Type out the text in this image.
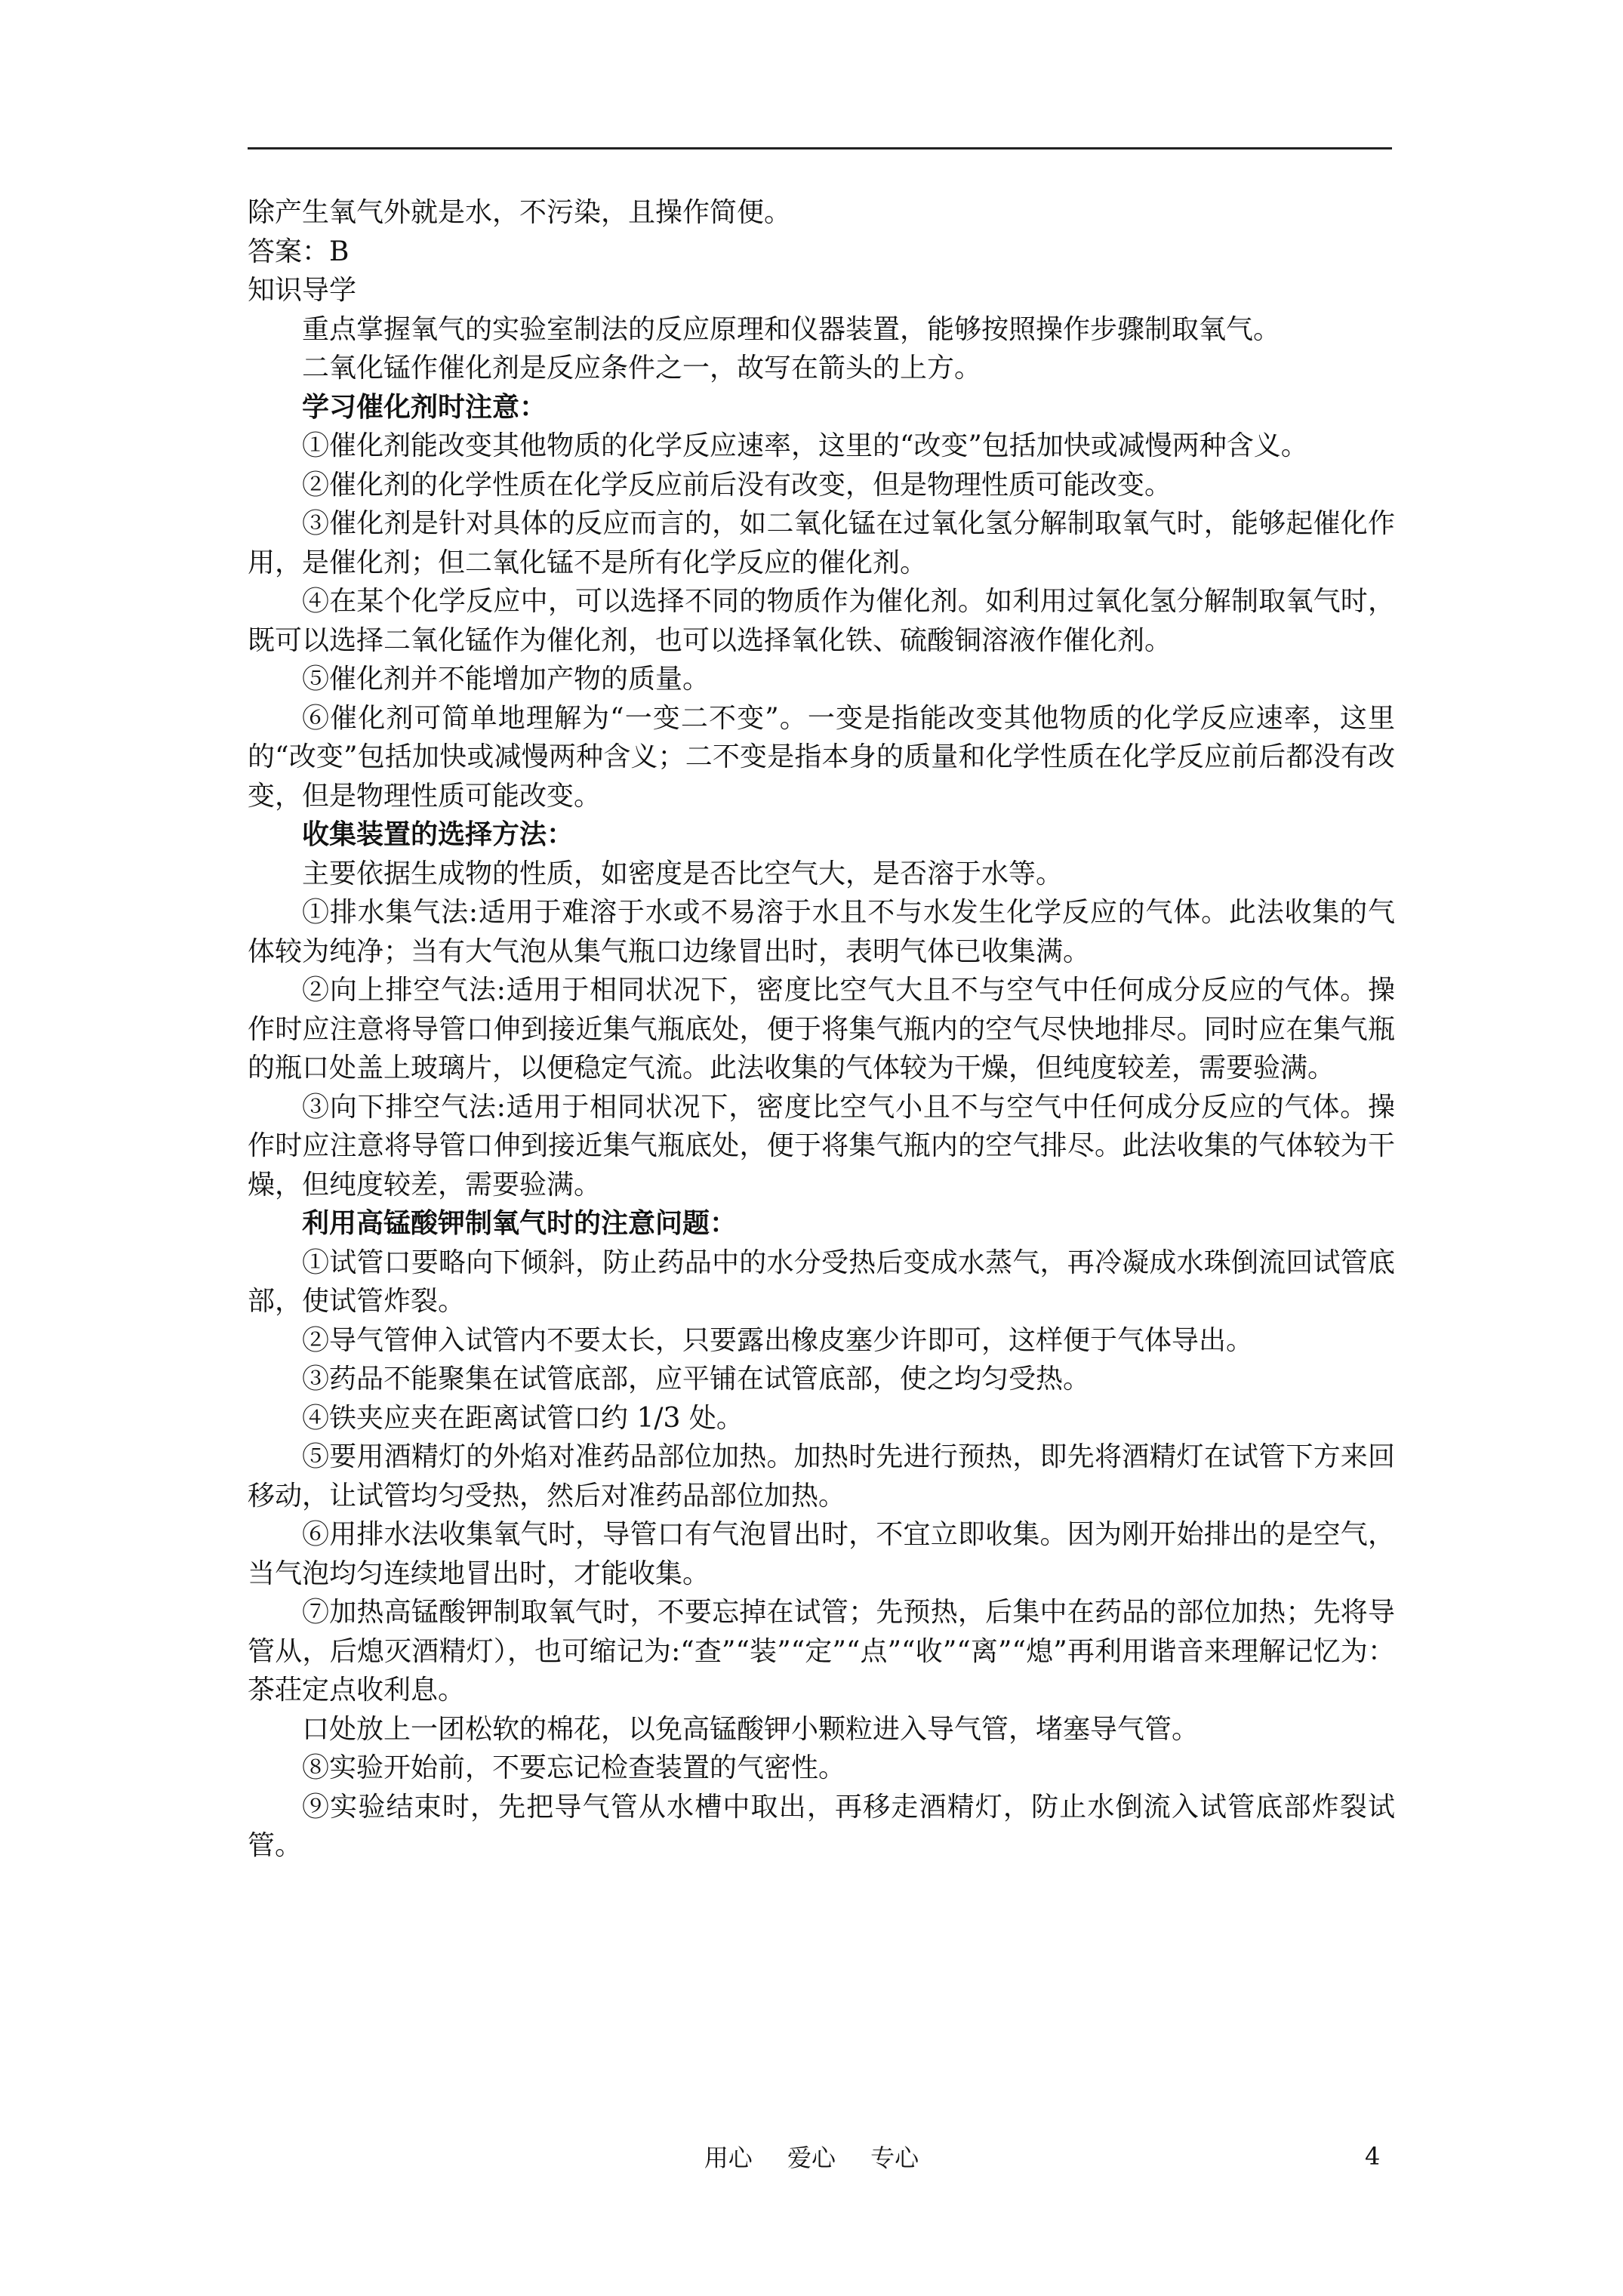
除产生氧气外就是水，不污染，且操作简便。

答案：B

知识导学

重点掌握氧气的实验室制法的反应原理和仪器装置，能够按照操作步骤制取氧气。

二氧化锰作催化剂是反应条件之一，故写在箭头的上方。

学习催化剂时注意：

①催化剂能改变其他物质的化学反应速率，这里的“改变”包括加快或减慢两种含义。

②催化剂的化学性质在化学反应前后没有改变，但是物理性质可能改变。

③催化剂是针对具体的反应而言的，如二氧化锰在过氧化氢分解制取氧气时，能够起催化作用，是催化剂；但二氧化锰不是所有化学反应的催化剂。

④在某个化学反应中，可以选择不同的物质作为催化剂。如利用过氧化氢分解制取氧气时，既可以选择二氧化锰作为催化剂，也可以选择氧化铁、硫酸铜溶液作催化剂。

⑤催化剂并不能增加产物的质量。

⑥催化剂可简单地理解为“一变二不变”。一变是指能改变其他物质的化学反应速率，这里的“改变”包括加快或减慢两种含义；二不变是指本身的质量和化学性质在化学反应前后都没有改变，但是物理性质可能改变。

收集装置的选择方法：

主要依据生成物的性质，如密度是否比空气大，是否溶于水等。

①排水集气法:适用于难溶于水或不易溶于水且不与水发生化学反应的气体。此法收集的气体较为纯净；当有大气泡从集气瓶口边缘冒出时，表明气体已收集满。

②向上排空气法:适用于相同状况下，密度比空气大且不与空气中任何成分反应的气体。操作时应注意将导管口伸到接近集气瓶底处，便于将集气瓶内的空气尽快地排尽。同时应在集气瓶的瓶口处盖上玻璃片，以便稳定气流。此法收集的气体较为干燥，但纯度较差，需要验满。

③向下排空气法:适用于相同状况下，密度比空气小且不与空气中任何成分反应的气体。操作时应注意将导管口伸到接近集气瓶底处，便于将集气瓶内的空气排尽。此法收集的气体较为干燥，但纯度较差，需要验满。

利用高锰酸钾制氧气时的注意问题：

①试管口要略向下倾斜，防止药品中的水分受热后变成水蒸气，再冷凝成水珠倒流回试管底部，使试管炸裂。

②导气管伸入试管内不要太长，只要露出橡皮塞少许即可，这样便于气体导出。

③药品不能聚集在试管底部，应平铺在试管底部，使之均匀受热。

④铁夹应夹在距离试管口约 1/3 处。

⑤要用酒精灯的外焰对准药品部位加热。加热时先进行预热，即先将酒精灯在试管下方来回移动，让试管均匀受热，然后对准药品部位加热。

⑥用排水法收集氧气时，导管口有气泡冒出时，不宜立即收集。因为刚开始排出的是空气，当气泡均匀连续地冒出时，才能收集。

⑦加热高锰酸钾制取氧气时，不要忘掉在试管；先预热，后集中在药品的部位加热；先将导管从，后熄灭酒精灯），也可缩记为:“查”“装”“定”“点”“收”“离”“熄”再利用谐音来理解记忆为：茶荘定点收利息。

口处放上一团松软的棉花，以免高锰酸钾小颗粒进入导气管，堵塞导气管。

⑧实验开始前，不要忘记检查装置的气密性。

⑨实验结束时，先把导气管从水槽中取出，再移走酒精灯，防止水倒流入试管底部炸裂试管。

用心 爱心 专心	4
